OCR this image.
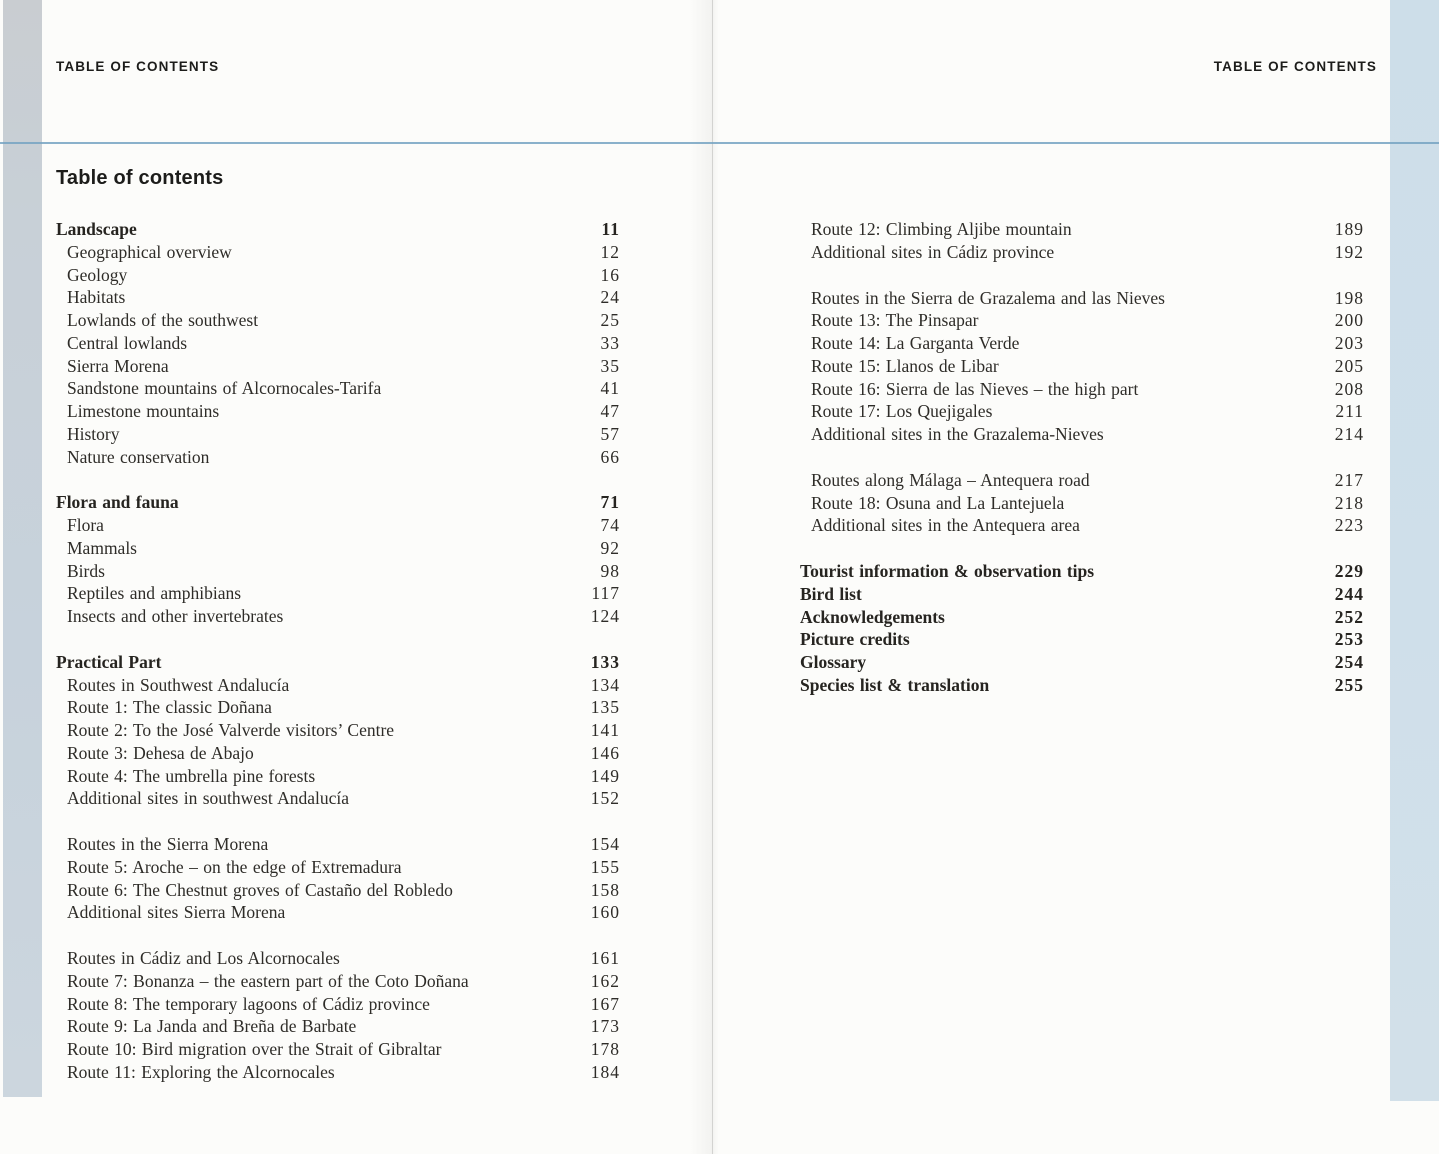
TABLE OF CONTENTS	TABLE OF CONTENTS
Table of contents
Landscape	11
Geographical overview	12
Geology	16
Habitats	24
Lowlands of the southwest	25
Central lowlands	33
Sierra Morena	35
Sandstone mountains of Alcornocales-Tarifa	41
Limestone mountains	47
History	57
Nature conservation	66
Flora and fauna	71
Flora	74
Mammals	92
Birds	98
Reptiles and amphibians	117
Insects and other invertebrates	124
Practical Part	133
Routes in Southwest Andalucía	134
Route 1: The classic Doñana	135
Route 2: To the José Valverde visitors’ Centre	141
Route 3: Dehesa de Abajo	146
Route 4: The umbrella pine forests	149
Additional sites in southwest Andalucía	152
Routes in the Sierra Morena	154
Route 5: Aroche – on the edge of Extremadura	155
Route 6: The Chestnut groves of Castaño del Robledo	158
Additional sites Sierra Morena	160
Routes in Cádiz and Los Alcornocales	161
Route 7: Bonanza – the eastern part of the Coto Doñana	162
Route 8: The temporary lagoons of Cádiz province	167
Route 9: La Janda and Breña de Barbate	173
Route 10: Bird migration over the Strait of Gibraltar	178
Route 11: Exploring the Alcornocales	184
Route 12: Climbing Aljibe mountain	189
Additional sites in Cádiz province	192
Routes in the Sierra de Grazalema and las Nieves	198
Route 13: The Pinsapar	200
Route 14: La Garganta Verde	203
Route 15: Llanos de Libar	205
Route 16: Sierra de las Nieves – the high part	208
Route 17: Los Quejigales	211
Additional sites in the Grazalema-Nieves	214
Routes along Málaga – Antequera road	217
Route 18: Osuna and La Lantejuela	218
Additional sites in the Antequera area	223
Tourist information & observation tips	229
Bird list	244
Acknowledgements	252
Picture credits	253
Glossary	254
Species list & translation	255
